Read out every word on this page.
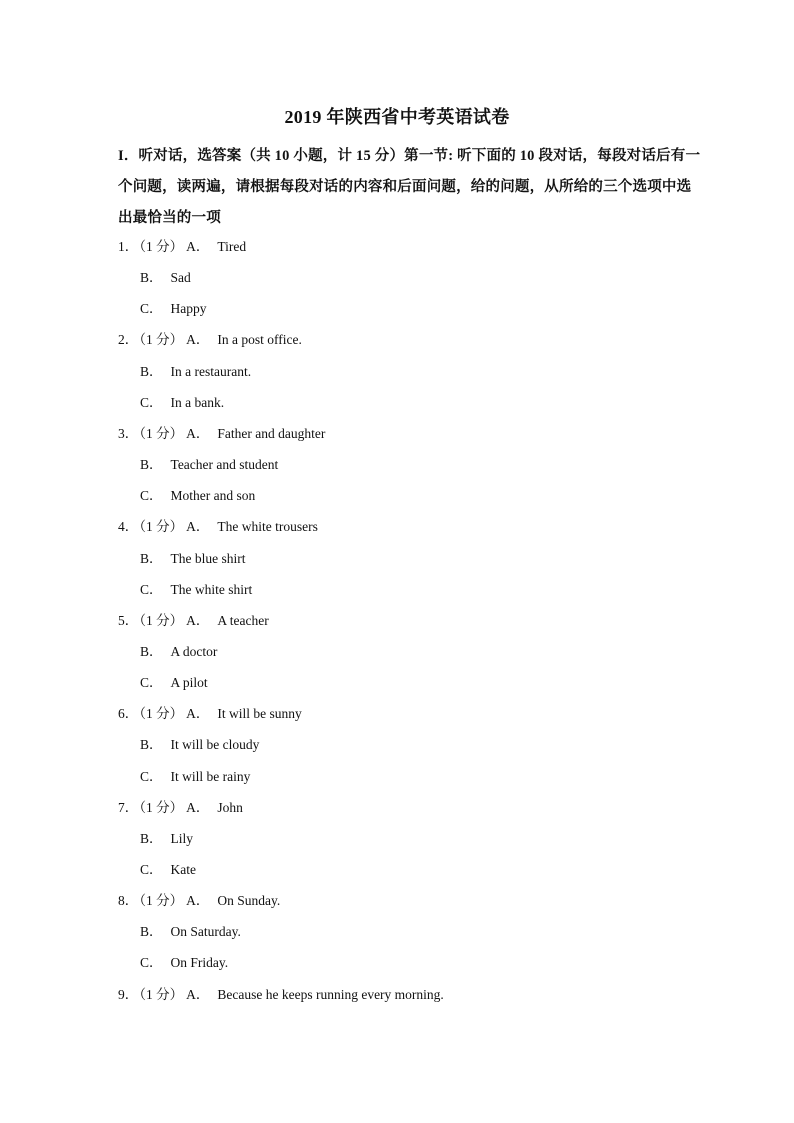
2019 年陕西省中考英语试卷
I．听对话，选答案（共 10 小题，计 15 分）第一节: 听下面的 10 段对话，每段对话后有一
个问题，读两遍，请根据每段对话的内容和后面问题，给的问题，从所给的三个选项中选
出最恰当的一项
1．（1 分） A． Tired
B． Sad
C． Happy
2．（1 分） A． In a post office.
B． In a restaurant.
C． In a bank.
3．（1 分） A． Father and daughter
B． Teacher and student
C． Mother and son
4．（1 分） A． The white trousers
B． The blue shirt
C． The white shirt
5．（1 分） A． A teacher
B． A doctor
C． A pilot
6．（1 分） A． It will be sunny
B． It will be cloudy
C． It will be rainy
7．（1 分） A． John
B． Lily
C． Kate
8．（1 分） A． On Sunday.
B． On Saturday.
C． On Friday.
9．（1 分） A． Because he keeps running every morning.
